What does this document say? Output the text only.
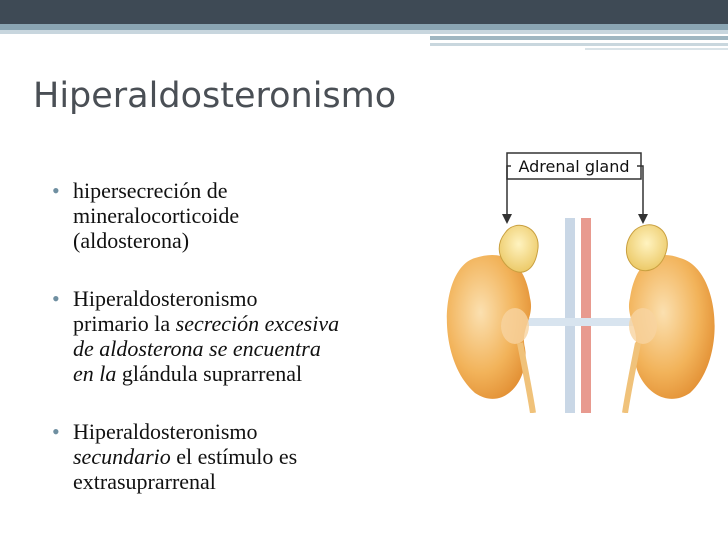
Hiperaldosteronismo
• hipersecreción de
mineralocorticoide
(aldosterona)
• Hiperaldosteronismo
primario la secreción excesiva
de aldosterona se encuentra
en la glándula suprarrenal
• Hiperaldosteronismo
secundario el estímulo es
extrasuprarrenal
Adrenal gland
